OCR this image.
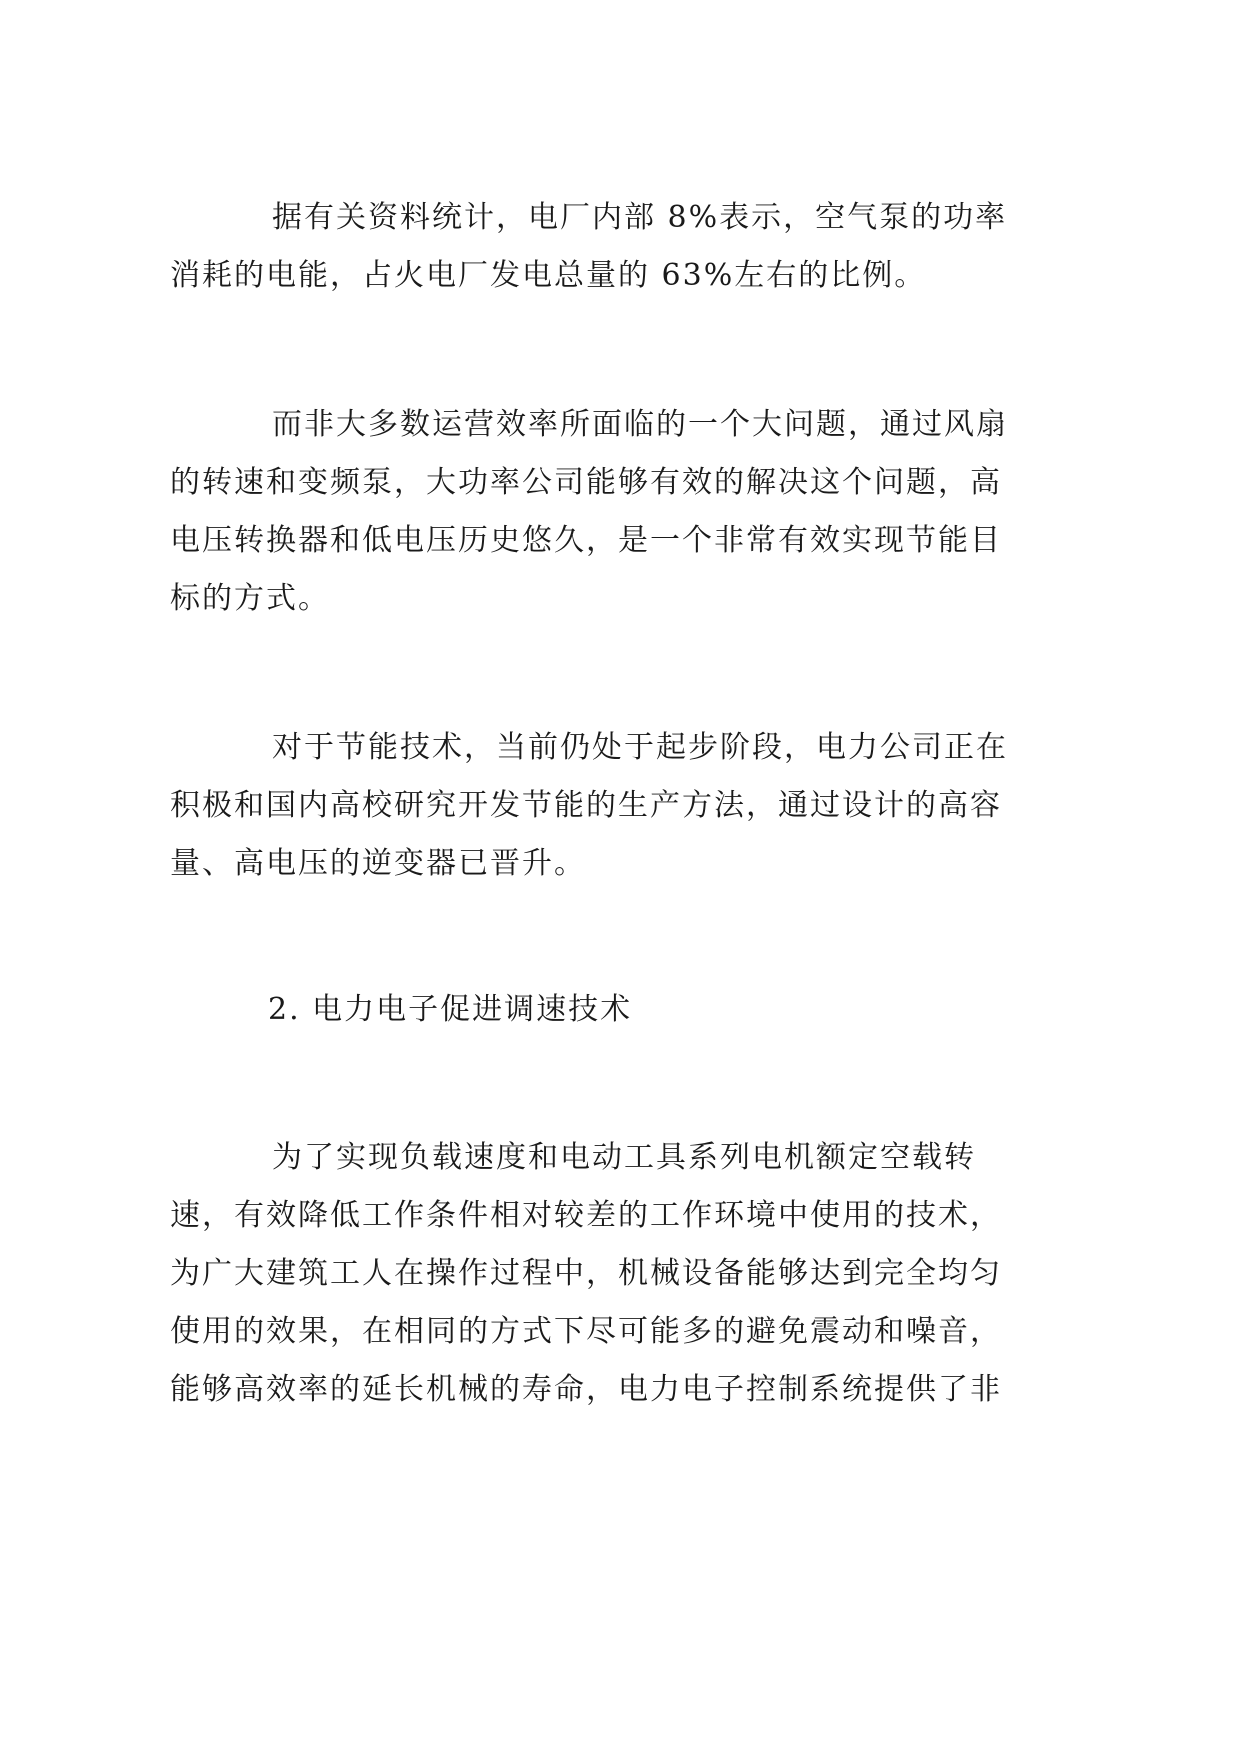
据有关资料统计，电厂内部 8%表示，空气泵的功率
消耗的电能，占火电厂发电总量的 63%左右的比例。
而非大多数运营效率所面临的一个大问题，通过风扇
的转速和变频泵，大功率公司能够有效的解决这个问题，高
电压转换器和低电压历史悠久，是一个非常有效实现节能目
标的方式。
对于节能技术，当前仍处于起步阶段，电力公司正在
积极和国内高校研究开发节能的生产方法，通过设计的高容
量、高电压的逆变器已晋升。
2. 电力电子促进调速技术
为了实现负载速度和电动工具系列电机额定空载转
速，有效降低工作条件相对较差的工作环境中使用的技术，
为广大建筑工人在操作过程中，机械设备能够达到完全均匀
使用的效果，在相同的方式下尽可能多的避免震动和噪音，
能够高效率的延长机械的寿命，电力电子控制系统提供了非
